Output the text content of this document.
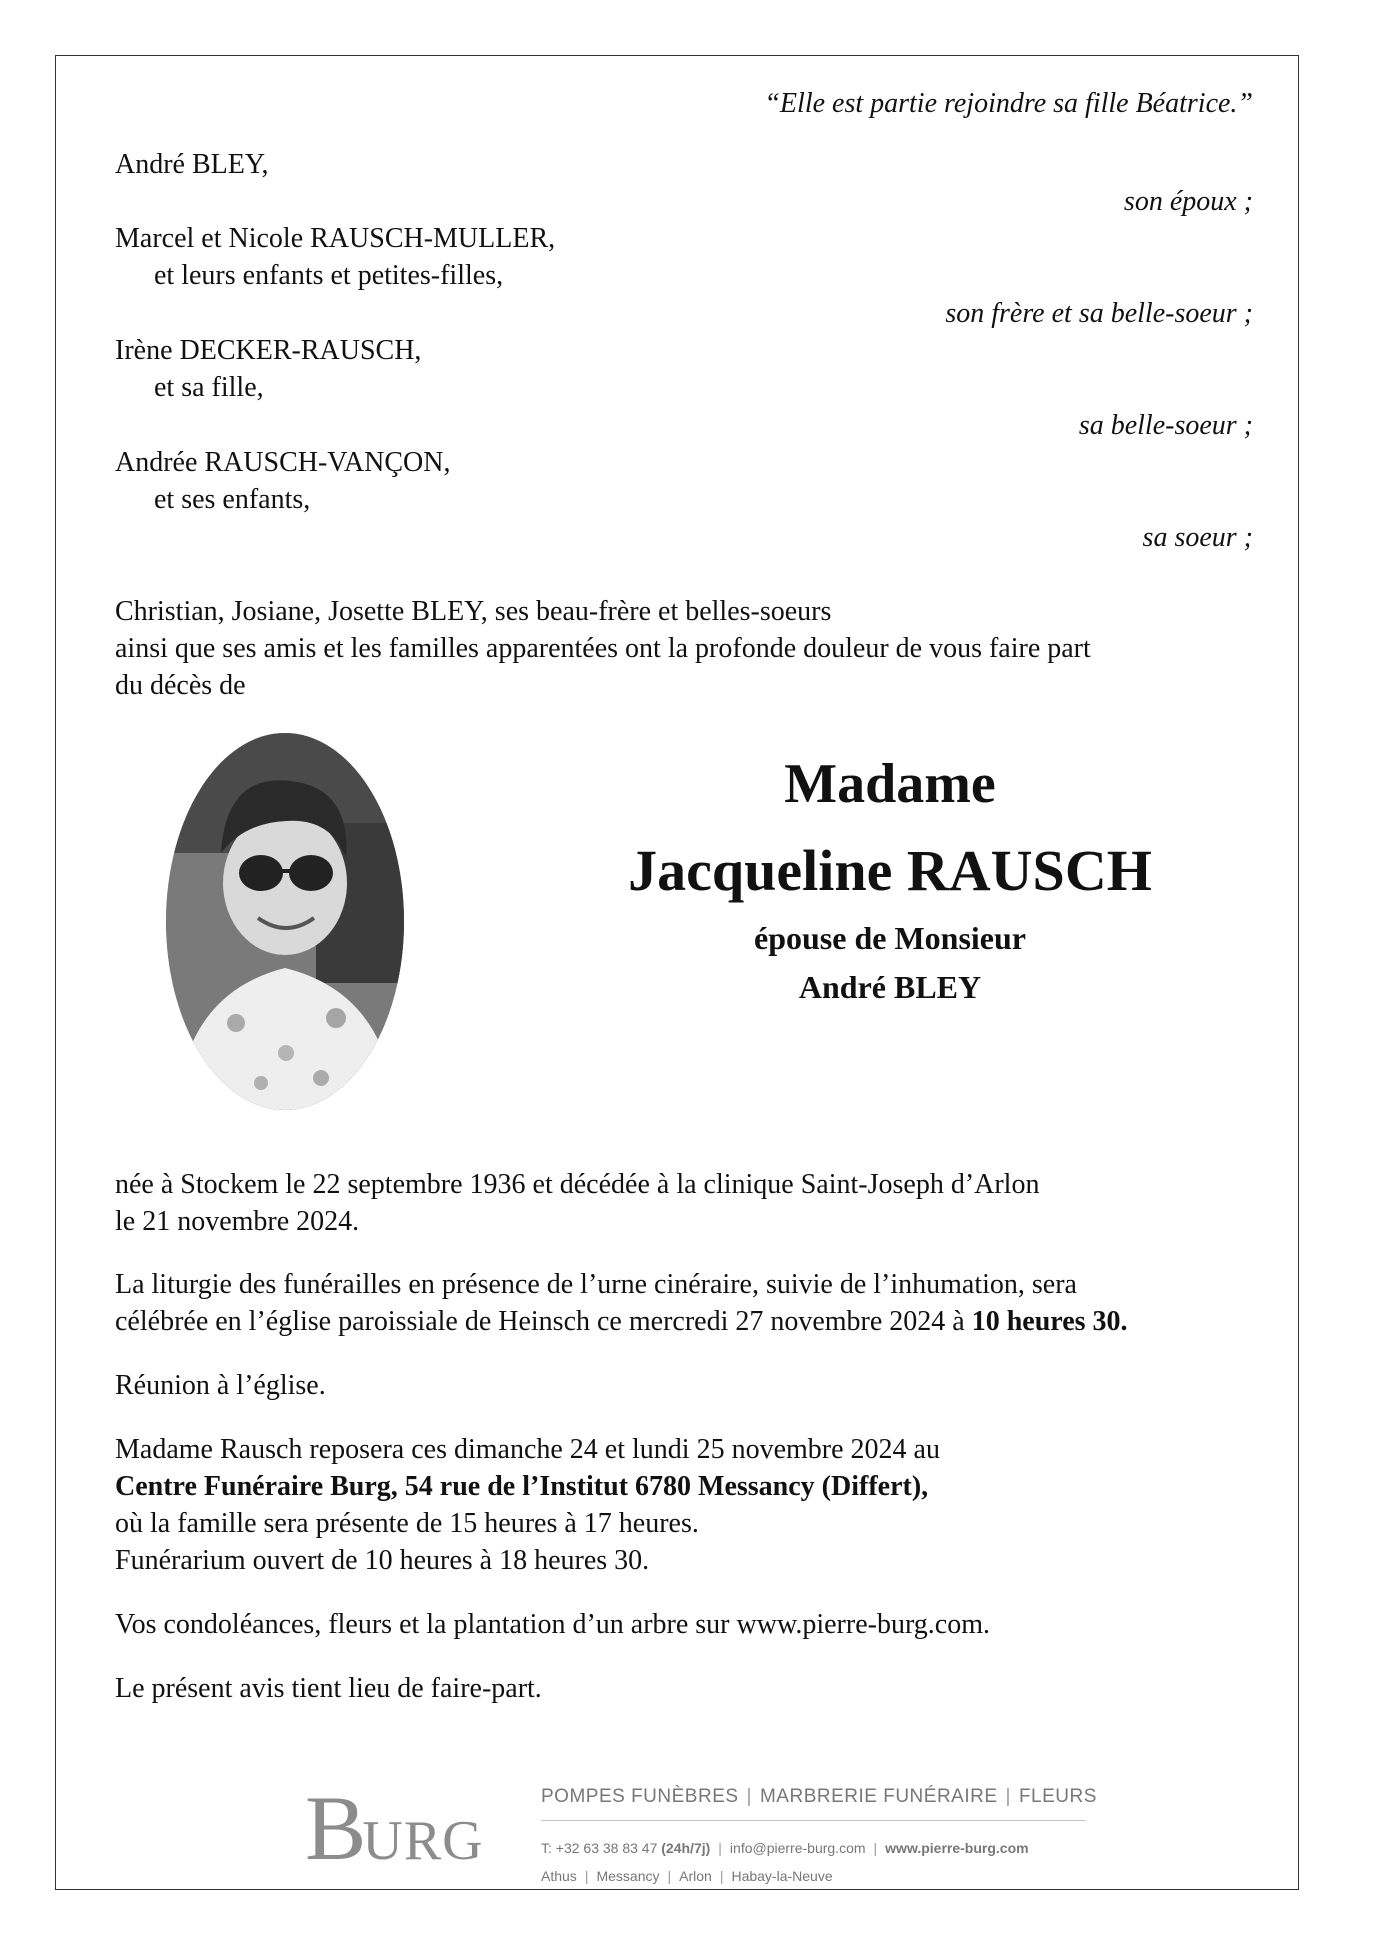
“Elle est partie rejoindre sa fille Béatrice.”
André BLEY,
son époux ;
Marcel et Nicole RAUSCH-MULLER,
et leurs enfants et petites-filles,
son frère et sa belle-soeur ;
Irène DECKER-RAUSCH,
et sa fille,
sa belle-soeur ;
Andrée RAUSCH-VANÇON,
et ses enfants,
sa soeur ;
Christian, Josiane, Josette BLEY, ses beau-frère et belles-soeurs
ainsi que ses amis et les familles apparentées ont la profonde douleur de vous faire part
du décès de
Madame
Jacqueline RAUSCH
épouse de Monsieur
André BLEY
née à Stockem le 22 septembre 1936 et décédée à la clinique Saint-Joseph d’Arlon
le 21 novembre 2024.
La liturgie des funérailles en présence de l’urne cinéraire, suivie de l’inhumation, sera
célébrée en l’église paroissiale de Heinsch ce mercredi 27 novembre 2024 à 10 heures 30.
Réunion à l’église.
Madame Rausch reposera ces dimanche 24 et lundi 25 novembre 2024 au
Centre Funéraire Burg, 54 rue de l’Institut 6780 Messancy (Differt),
où la famille sera présente de 15 heures à 17 heures.
Funérarium ouvert de 10 heures à 18 heures 30.
Vos condoléances, fleurs et la plantation d’un arbre sur www.pierre-burg.com.
Le présent avis tient lieu de faire-part.
BURG
POMPES FUNÈBRES | MARBRERIE FUNÉRAIRE | FLEURS
T: +32 63 38 83 47 (24h/7j) | info@pierre-burg.com | www.pierre-burg.com
Athus | Messancy | Arlon | Habay-la-Neuve
